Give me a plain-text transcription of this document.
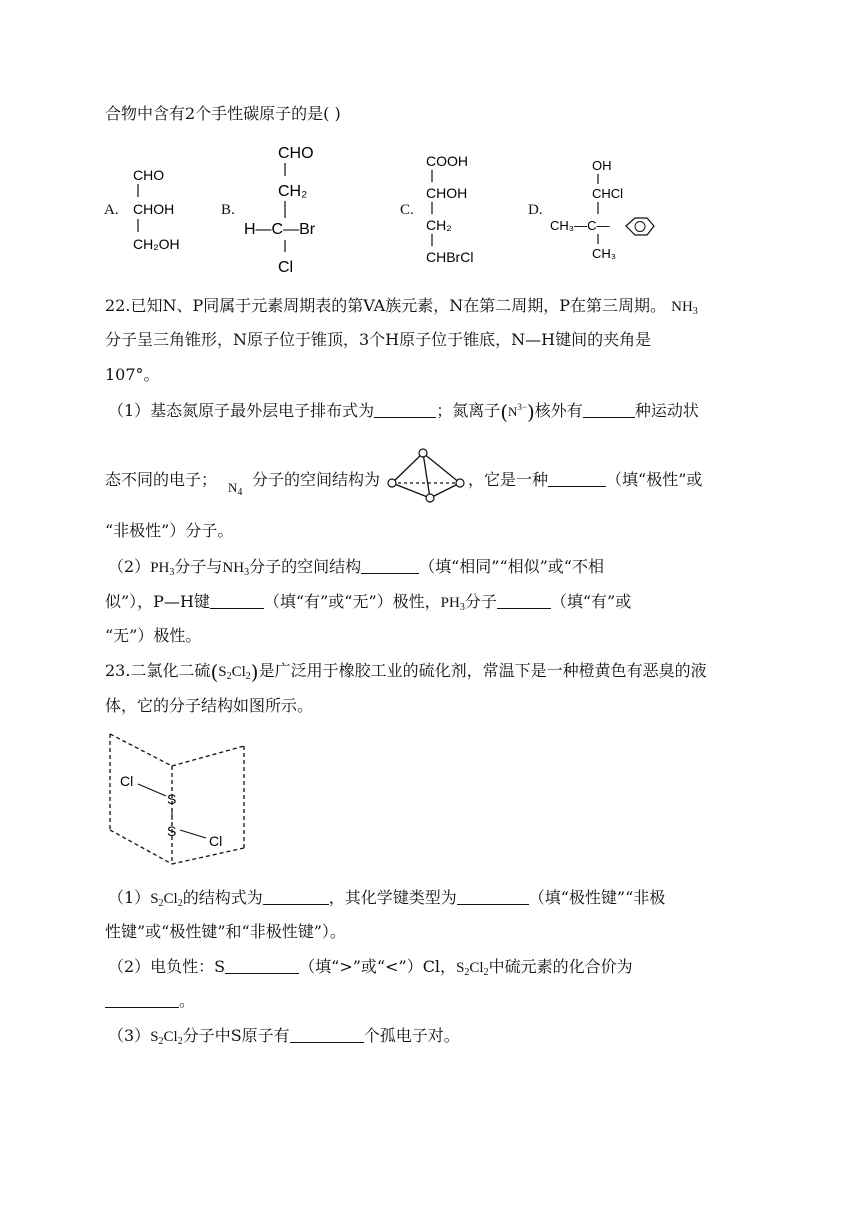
合物中含有2个手性碳原子的是( )
A.
CHO
CHOH
CH₂OH
B.
CHO
CH₂
H—C—Br
Cl
C.
COOH
CHOH
CH₂
CHBrCl
D.
OH
CHCl
CH₃—C—
CH₃
22.已知N、P同属于元素周期表的第VA族元素，N在第二周期，P在第三周期。 $NH_3$
分子呈三角锥形，N原子位于锥顶，3个H原子位于锥底，N—H键间的夹角是
107°。
（1）基态氮原子最外层电子排布式为	；氮离子$(N^{3-})$核外有	种运动状
态不同的电子； $N_4$
分子的空间结构为	，它是一种	（填“极性”或
“非极性”）分子。
$(2)PH_3$分子与$NH_3$分子的空间结构	（填“相同”“相似”或“不相
似”），P—H键	（填“有”或“无”）极性，$PH_3$分子	（填“有”或
“无”）极性。
23.二氯化二硫$(S_2Cl_2)$是广泛用于橡胶工业的硫化剂，常温下是一种橙黄色有恶臭的液
体，它的分子结构如图所示。
Cl
S
S
Cl
$(1)S_2Cl_2$的结构式为	，其化学键类型为	（填“极性键”“非极
性键”或“极性键”和“非极性键”）。
（2）电负性：S	（填“>”或“<”）Cl，$S_2Cl_2$中硫元素的化合价为
。
$(3)S_2Cl_2$分子中S原子有	个孤电子对。
